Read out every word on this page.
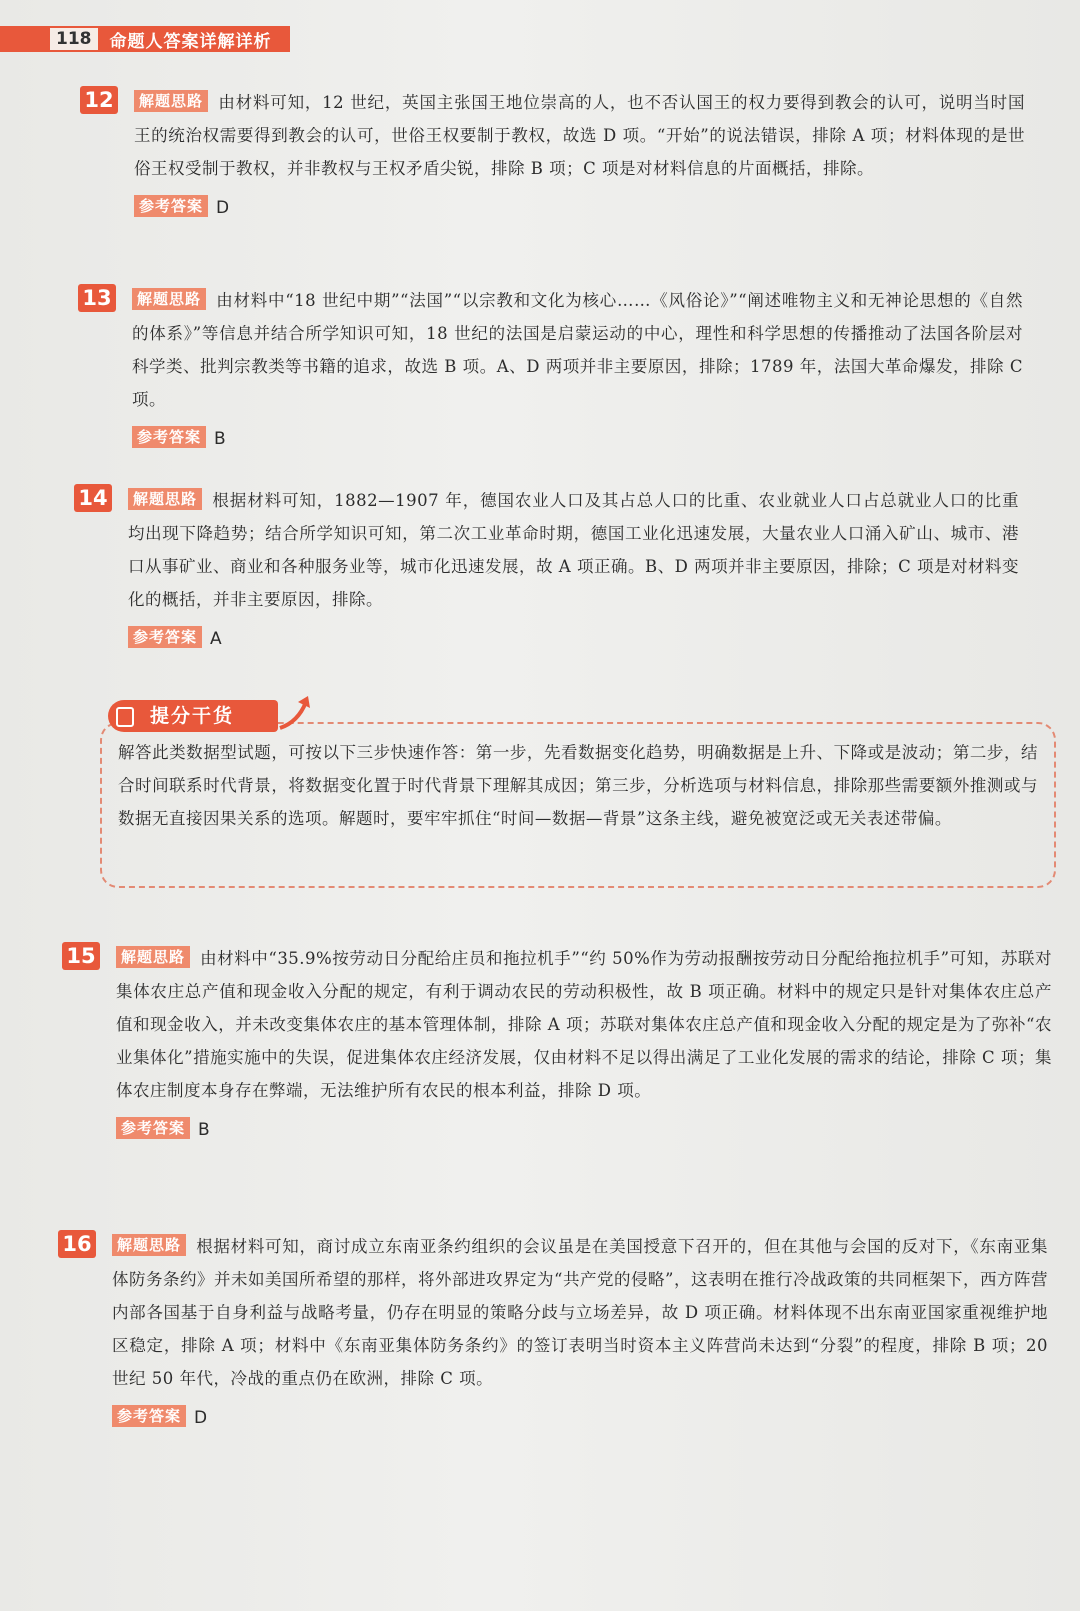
118	命题人答案详解详析
12	解题思路 由材料可知，12 世纪，英国主张国王地位崇高的人，也不否认国王的权力要得到教会的认可，说明当时国王的统治权需要得到教会的认可，世俗王权要制于教权，故选 D 项。“开始”的说法错误，排除 A 项；材料体现的是世俗王权受制于教权，并非教权与王权矛盾尖锐，排除 B 项；C 项是对材料信息的片面概括，排除。
参考答案 D
13	解题思路 由材料中“18 世纪中期”“法国”“以宗教和文化为核心……《风俗论》”“阐述唯物主义和无神论思想的《自然的体系》”等信息并结合所学知识可知，18 世纪的法国是启蒙运动的中心，理性和科学思想的传播推动了法国各阶层对科学类、批判宗教类等书籍的追求，故选 B 项。A、D 两项并非主要原因，排除；1789 年，法国大革命爆发，排除 C 项。
参考答案 B
14	解题思路 根据材料可知，1882—1907 年，德国农业人口及其占总人口的比重、农业就业人口占总就业人口的比重均出现下降趋势；结合所学知识可知，第二次工业革命时期，德国工业化迅速发展，大量农业人口涌入矿山、城市、港口从事矿业、商业和各种服务业等，城市化迅速发展，故 A 项正确。B、D 两项并非主要原因，排除；C 项是对材料变化的概括，并非主要原因，排除。
参考答案 A
提分干货
解答此类数据型试题，可按以下三步快速作答：第一步，先看数据变化趋势，明确数据是上升、下降或是波动；第二步，结合时间联系时代背景，将数据变化置于时代背景下理解其成因；第三步，分析选项与材料信息，排除那些需要额外推测或与数据无直接因果关系的选项。解题时，要牢牢抓住“时间—数据—背景”这条主线，避免被宽泛或无关表述带偏。
15	解题思路 由材料中“35.9%按劳动日分配给庄员和拖拉机手”“约 50%作为劳动报酬按劳动日分配给拖拉机手”可知，苏联对集体农庄总产值和现金收入分配的规定，有利于调动农民的劳动积极性，故 B 项正确。材料中的规定只是针对集体农庄总产值和现金收入，并未改变集体农庄的基本管理体制，排除 A 项；苏联对集体农庄总产值和现金收入分配的规定是为了弥补“农业集体化”措施实施中的失误，促进集体农庄经济发展，仅由材料不足以得出满足了工业化发展的需求的结论，排除 C 项；集体农庄制度本身存在弊端，无法维护所有农民的根本利益，排除 D 项。
参考答案 B
16	解题思路 根据材料可知，商讨成立东南亚条约组织的会议虽是在美国授意下召开的，但在其他与会国的反对下，《东南亚集体防务条约》并未如美国所希望的那样，将外部进攻界定为“共产党的侵略”，这表明在推行冷战政策的共同框架下，西方阵营内部各国基于自身利益与战略考量，仍存在明显的策略分歧与立场差异，故 D 项正确。材料体现不出东南亚国家重视维护地区稳定，排除 A 项；材料中《东南亚集体防务条约》的签订表明当时资本主义阵营尚未达到“分裂”的程度，排除 B 项；20 世纪 50 年代，冷战的重点仍在欧洲，排除 C 项。
参考答案 D
